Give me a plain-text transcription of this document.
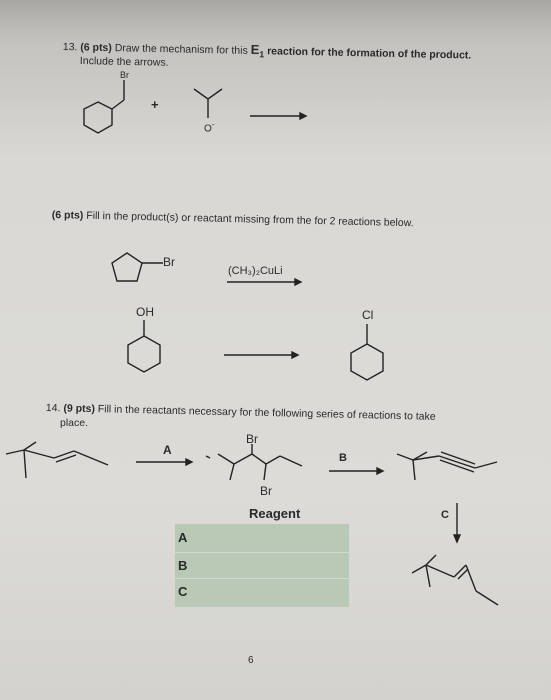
13. (6 pts) Draw the mechanism for this $E_1$ reaction for the formation of the product.
Include the arrows.
Br
+
O-
(6 pts) Fill in the product(s) or reactant missing from the for 2 reactions below.
Br
(CH₃)₂CuLi
OH	Cl
14. (9 pts) Fill in the reactants necessary for the following series of reactions to take
place.
A
Br
Br
B
C
Reagent
A
B
C
6
